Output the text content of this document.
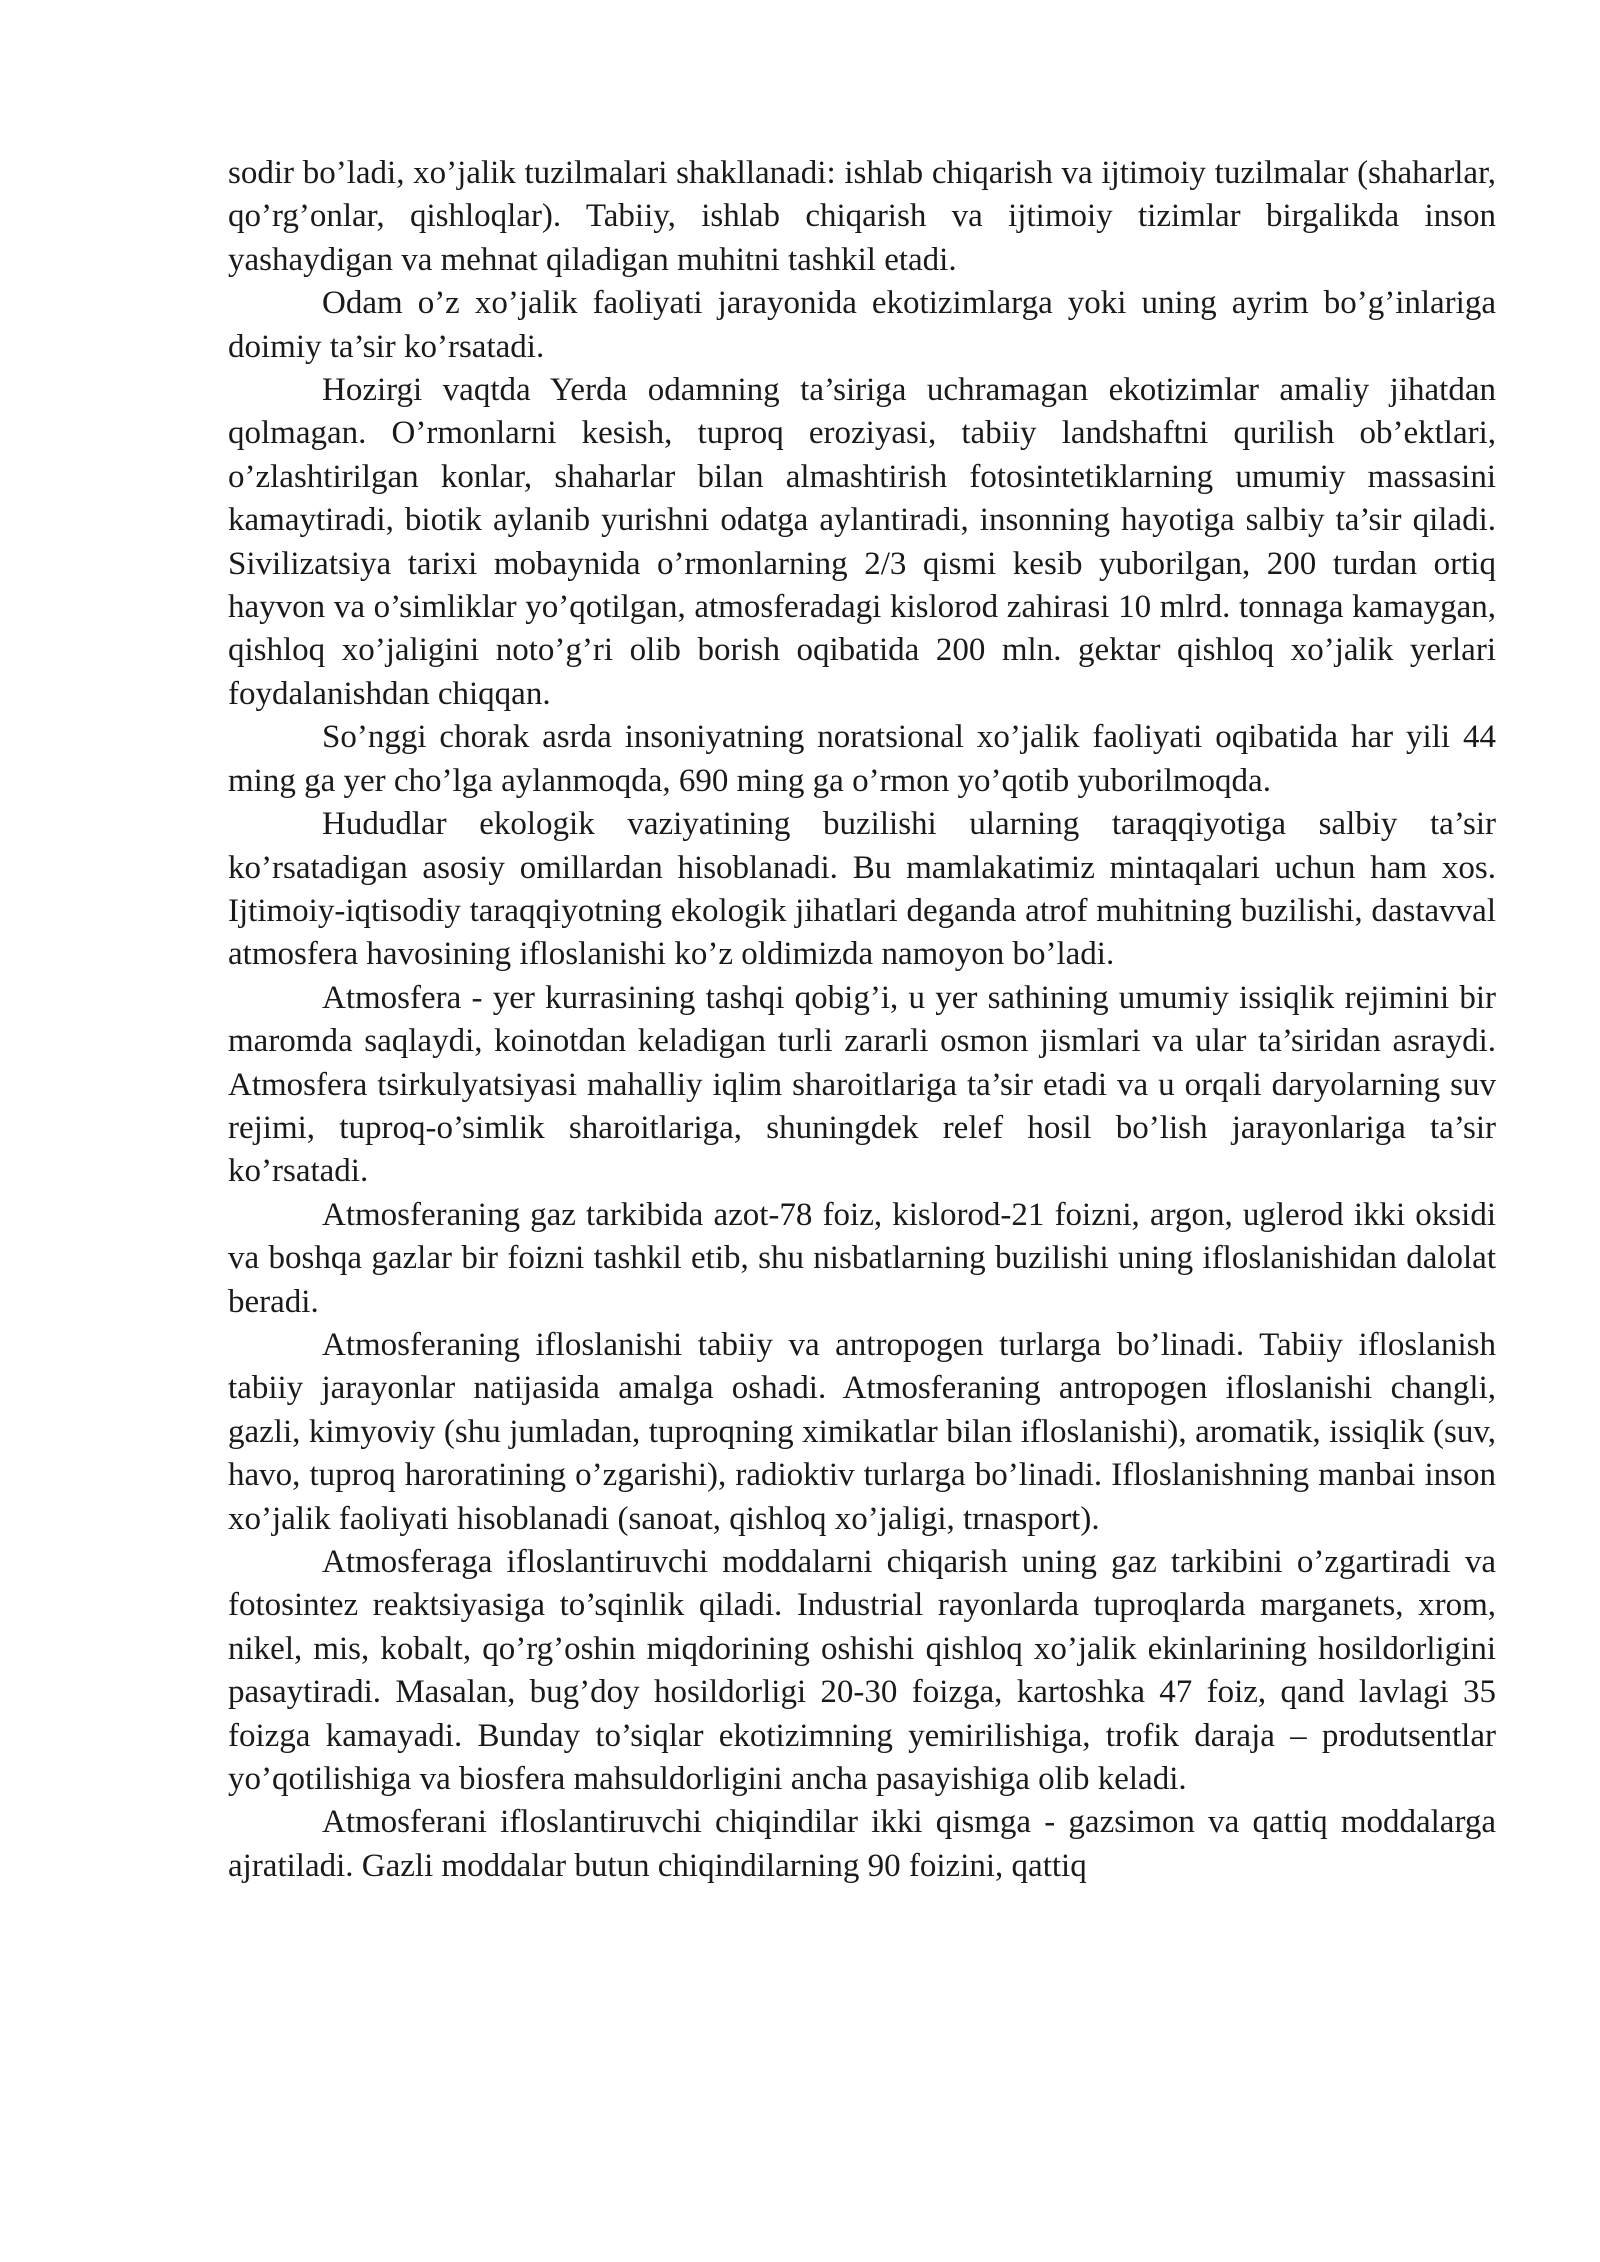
sodir bo’ladi, xo’jalik tuzilmalari shakllanadi: ishlab chiqarish va ijtimoiy tuzilmalar (shaharlar, qo’rg’onlar, qishloqlar). Tabiiy, ishlab chiqarish va ijtimoiy tizimlar birgalikda inson yashaydigan va mehnat qiladigan muhitni tashkil etadi.

Odam o’z xo’jalik faoliyati jarayonida ekotizimlarga yoki uning ayrim bo’g’inlariga doimiy ta’sir ko’rsatadi.

Hozirgi vaqtda Yerda odamning ta’siriga uchramagan ekotizimlar amaliy jihatdan qolmagan. O’rmonlarni kesish, tuproq eroziyasi, tabiiy landshaftni qurilish ob’ektlari, o’zlashtirilgan konlar, shaharlar bilan almashtirish fotosintetiklarning umumiy massasini kamaytiradi, biotik aylanib yurishni odatga aylantiradi, insonning hayotiga salbiy ta’sir qiladi. Sivilizatsiya tarixi mobaynida o’rmonlarning 2/3 qismi kesib yuborilgan, 200 turdan ortiq hayvon va o’simliklar yo’qotilgan, atmosferadagi kislorod zahirasi 10 mlrd. tonnaga kamaygan, qishloq xo’jaligini noto’g’ri olib borish oqibatida 200 mln. gektar qishloq xo’jalik yerlari foydalanishdan chiqqan.

So’nggi chorak asrda insoniyatning noratsional xo’jalik faoliyati oqibatida har yili 44 ming ga yer cho’lga aylanmoqda, 690 ming ga o’rmon yo’qotib yuborilmoqda.

Hududlar ekologik vaziyatining buzilishi ularning taraqqiyotiga salbiy ta’sir ko’rsatadigan asosiy omillardan hisoblanadi. Bu mamlakatimiz mintaqalari uchun ham xos. Ijtimoiy-iqtisodiy taraqqiyotning ekologik jihatlari deganda atrof muhitning buzilishi, dastavval atmosfera havosining ifloslanishi ko’z oldimizda namoyon bo’ladi.

Atmosfera - yer kurrasining tashqi qobig’i, u yer sathining umumiy issiqlik rejimini bir maromda saqlaydi, koinotdan keladigan turli zararli osmon jismlari va ular ta’siridan asraydi. Atmosfera tsirkulyatsiyasi mahalliy iqlim sharoitlariga ta’sir etadi va u orqali daryolarning suv rejimi, tuproq-o’simlik sharoitlariga, shuningdek relef hosil bo’lish jarayonlariga ta’sir ko’rsatadi.

Atmosferaning gaz tarkibida azot-78 foiz, kislorod-21 foizni, argon, uglerod ikki oksidi va boshqa gazlar bir foizni tashkil etib, shu nisbatlarning buzilishi uning ifloslanishidan dalolat beradi.

Atmosferaning ifloslanishi tabiiy va antropogen turlarga bo’linadi. Tabiiy ifloslanish tabiiy jarayonlar natijasida amalga oshadi. Atmosferaning antropogen ifloslanishi changli, gazli, kimyoviy (shu jumladan, tuproqning ximikatlar bilan ifloslanishi), aromatik, issiqlik (suv, havo, tuproq haroratining o’zgarishi), radioktiv turlarga bo’linadi. Ifloslanishning manbai inson xo’jalik faoliyati hisoblanadi (sanoat, qishloq xo’jaligi, trnasport).

Atmosferaga ifloslantiruvchi moddalarni chiqarish uning gaz tarkibini o’zgartiradi va fotosintez reaktsiyasiga to’sqinlik qiladi. Industrial rayonlarda tuproqlarda marganets, xrom, nikel, mis, kobalt, qo’rg’oshin miqdorining oshishi qishloq xo’jalik ekinlarining hosildorligini pasaytiradi. Masalan, bug’doy hosildorligi 20-30 foizga, kartoshka 47 foiz, qand lavlagi 35 foizga kamayadi. Bunday to’siqlar ekotizimning yemirilishiga, trofik daraja – produtsentlar yo’qotilishiga va biosfera mahsuldorligini ancha pasayishiga olib keladi.

Atmosferani ifloslantiruvchi chiqindilar ikki qismga - gazsimon va qattiq moddalarga ajratiladi. Gazli moddalar butun chiqindilarning 90 foizini, qattiq
